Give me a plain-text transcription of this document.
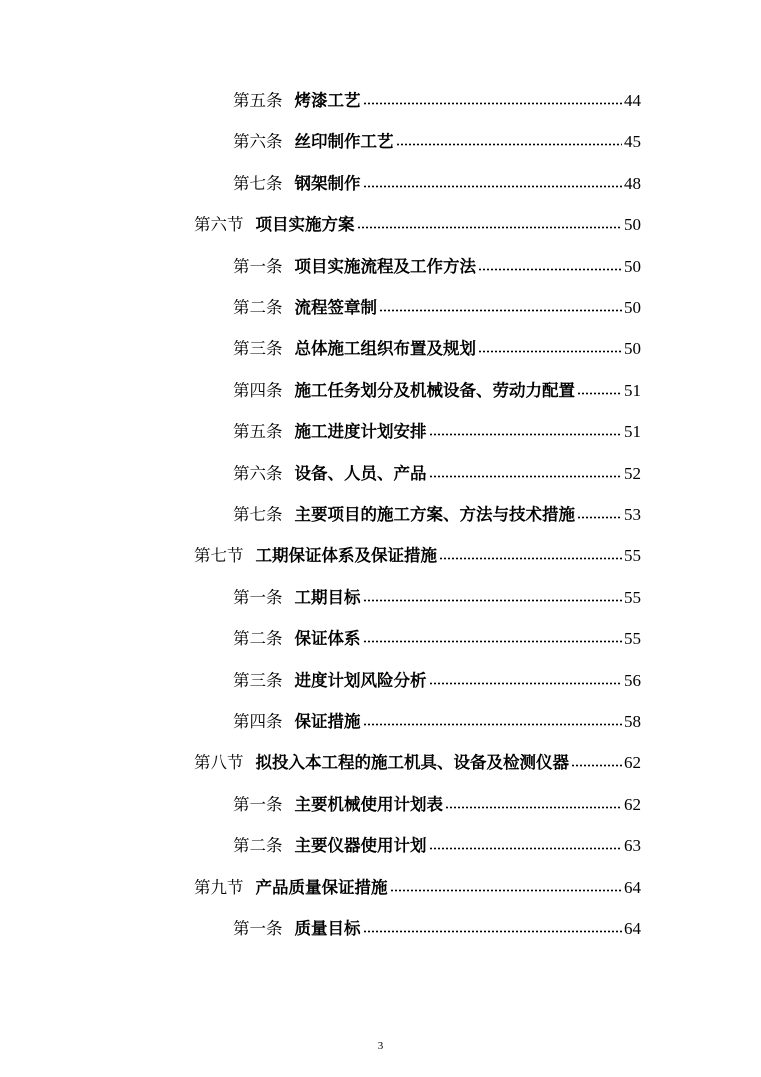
第五条 烤漆工艺	44
第六条 丝印制作工艺	45
第七条 钢架制作	48
第六节 项目实施方案	50
第一条 项目实施流程及工作方法	50
第二条 流程签章制	50
第三条 总体施工组织布置及规划	50
第四条 施工任务划分及机械设备、劳动力配置	51
第五条 施工进度计划安排	51
第六条 设备、人员、产品	52
第七条 主要项目的施工方案、方法与技术措施	53
第七节 工期保证体系及保证措施	55
第一条 工期目标	55
第二条 保证体系	55
第三条 进度计划风险分析	56
第四条 保证措施	58
第八节 拟投入本工程的施工机具、设备及检测仪器	62
第一条 主要机械使用计划表	62
第二条 主要仪器使用计划	63
第九节 产品质量保证措施	64
第一条 质量目标	64
3
